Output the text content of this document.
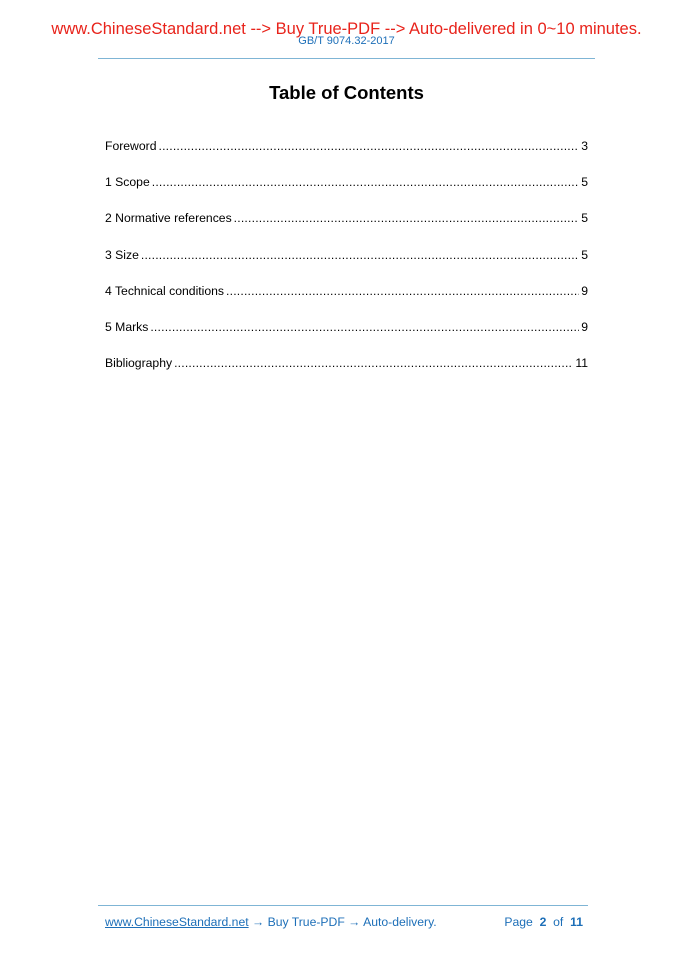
www.ChineseStandard.net --> Buy True-PDF --> Auto-delivered in 0~10 minutes.
GB/T 9074.32-2017
Table of Contents
Foreword .....	3
1 Scope .....	5
2 Normative references .....	5
3 Size .....	5
4 Technical conditions .....	9
5 Marks .....	9
Bibliography .....	11
www.ChineseStandard.net → Buy True-PDF → Auto-delivery.	Page 2 of 11
